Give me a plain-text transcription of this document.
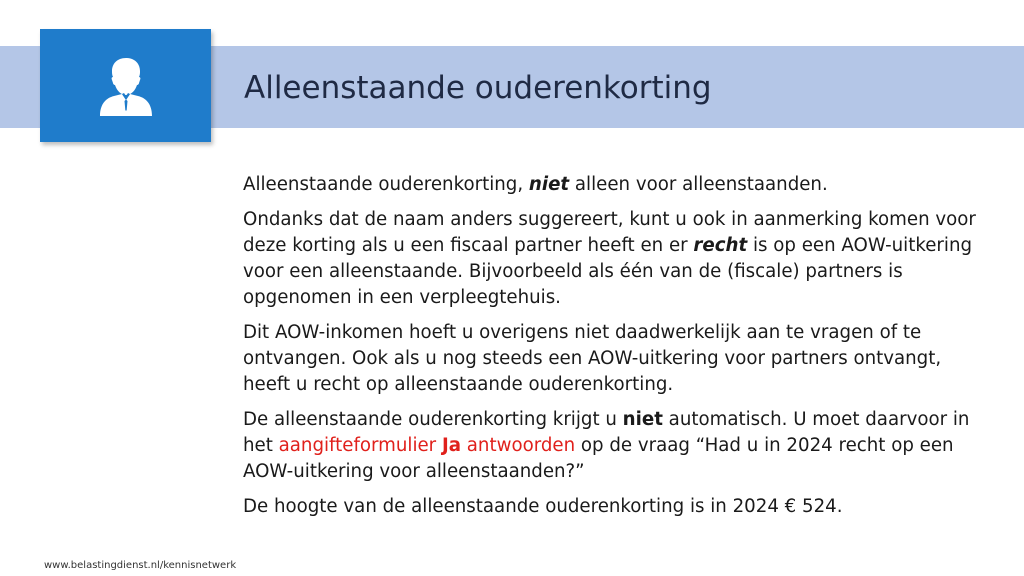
Alleenstaande ouderenkorting

Alleenstaande ouderenkorting, niet alleen voor alleenstaanden.

Ondanks dat de naam anders suggereert, kunt u ook in aanmerking komen voor deze korting als u een fiscaal partner heeft en er recht is op een AOW-uitkering voor een alleenstaande. Bijvoorbeeld als één van de (fiscale) partners is opgenomen in een verpleegtehuis.

Dit AOW-inkomen hoeft u overigens niet daadwerkelijk aan te vragen of te ontvangen. Ook als u nog steeds een AOW-uitkering voor partners ontvangt, heeft u recht op alleenstaande ouderenkorting.

De alleenstaande ouderenkorting krijgt u niet automatisch. U moet daarvoor in het aangifteformulier Ja antwoorden op de vraag “Had u in 2024 recht op een AOW-uitkering voor alleenstaanden?”

De hoogte van de alleenstaande ouderenkorting is in 2024 € 524.

www.belastingdienst.nl/kennisnetwerk
